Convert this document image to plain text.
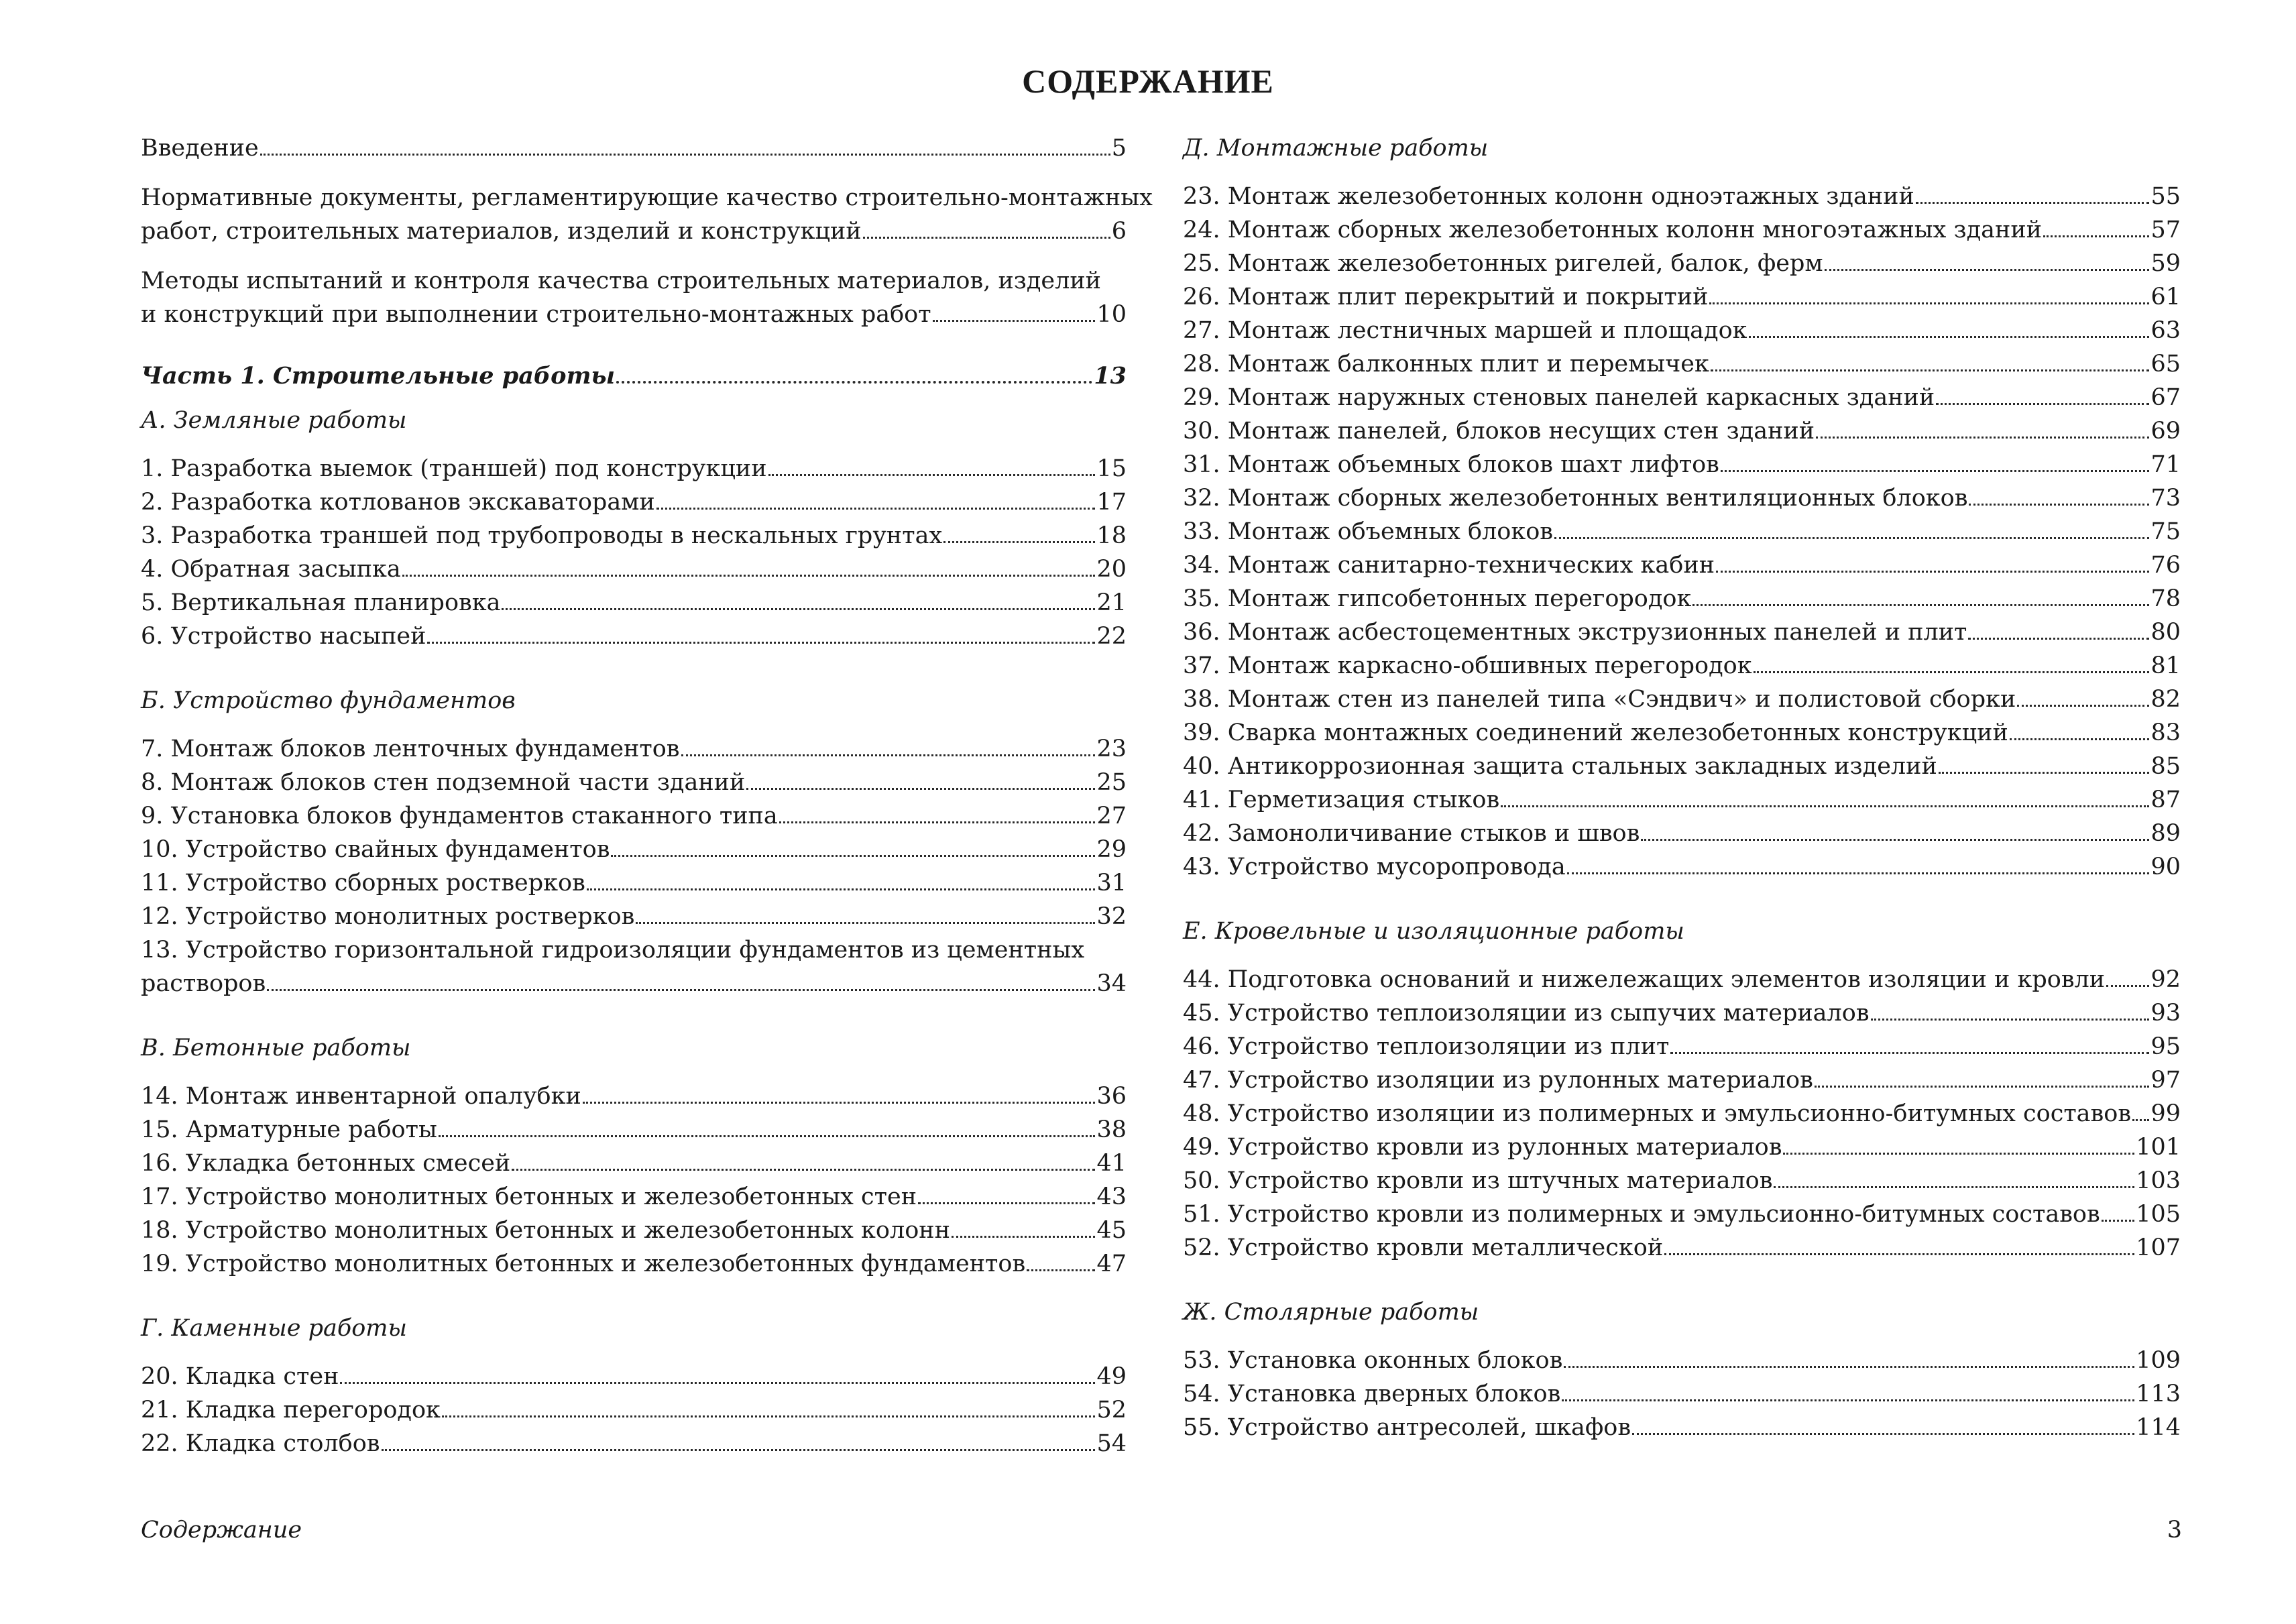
СОДЕРЖАНИЕ
Введение	5
Нормативные документы, регламентирующие качество строительно-монтажных
работ, строительных материалов, изделий и конструкций	6
Методы испытаний и контроля качества строительных материалов, изделий
и конструкций при выполнении строительно-монтажных работ	10
Часть 1. Строительные работы	13
А. Земляные работы
1. Разработка выемок (траншей) под конструкции	15
2. Разработка котлованов экскаваторами	17
3. Разработка траншей под трубопроводы в нескальных грунтах	18
4. Обратная засыпка	20
5. Вертикальная планировка	21
6. Устройство насыпей	22
Б. Устройство фундаментов
7. Монтаж блоков ленточных фундаментов	23
8. Монтаж блоков стен подземной части зданий	25
9. Установка блоков фундаментов стаканного типа	27
10. Устройство свайных фундаментов	29
11. Устройство сборных ростверков	31
12. Устройство монолитных ростверков	32
13. Устройство горизонтальной гидроизоляции фундаментов из цементных
растворов	34
В. Бетонные работы
14. Монтаж инвентарной опалубки	36
15. Арматурные работы	38
16. Укладка бетонных смесей	41
17. Устройство монолитных бетонных и железобетонных стен	43
18. Устройство монолитных бетонных и железобетонных колонн	45
19. Устройство монолитных бетонных и железобетонных фундаментов	47
Г. Каменные работы
20. Кладка стен	49
21. Кладка перегородок	52
22. Кладка столбов	54
Д. Монтажные работы
23. Монтаж железобетонных колонн одноэтажных зданий	55
24. Монтаж сборных железобетонных колонн многоэтажных зданий	57
25. Монтаж железобетонных ригелей, балок, ферм	59
26. Монтаж плит перекрытий и покрытий	61
27. Монтаж лестничных маршей и площадок	63
28. Монтаж балконных плит и перемычек	65
29. Монтаж наружных стеновых панелей каркасных зданий	67
30. Монтаж панелей, блоков несущих стен зданий	69
31. Монтаж объемных блоков шахт лифтов	71
32. Монтаж сборных железобетонных вентиляционных блоков	73
33. Монтаж объемных блоков	75
34. Монтаж санитарно-технических кабин	76
35. Монтаж гипсобетонных перегородок	78
36. Монтаж асбестоцементных экструзионных панелей и плит	80
37. Монтаж каркасно-обшивных перегородок	81
38. Монтаж стен из панелей типа «Сэндвич» и полистовой сборки	82
39. Сварка монтажных соединений железобетонных конструкций	83
40. Антикоррозионная защита стальных закладных изделий	85
41. Герметизация стыков	87
42. Замоноличивание стыков и швов	89
43. Устройство мусоропровода	90
Е. Кровельные и изоляционные работы
44. Подготовка оснований и нижележащих элементов изоляции и кровли 92
45. Устройство теплоизоляции из сыпучих материалов	93
46. Устройство теплоизоляции из плит	95
47. Устройство изоляции из рулонных материалов	97
48. Устройство изоляции из полимерных и эмульсионно-битумных составов 99
49. Устройство кровли из рулонных материалов	101
50. Устройство кровли из штучных материалов	103
51. Устройство кровли из полимерных и эмульсионно-битумных составов 105
52. Устройство кровли металлической	107
Ж. Столярные работы
53. Установка оконных блоков	109
54. Установка дверных блоков	113
55. Устройство антресолей, шкафов	114
Содержание	3
